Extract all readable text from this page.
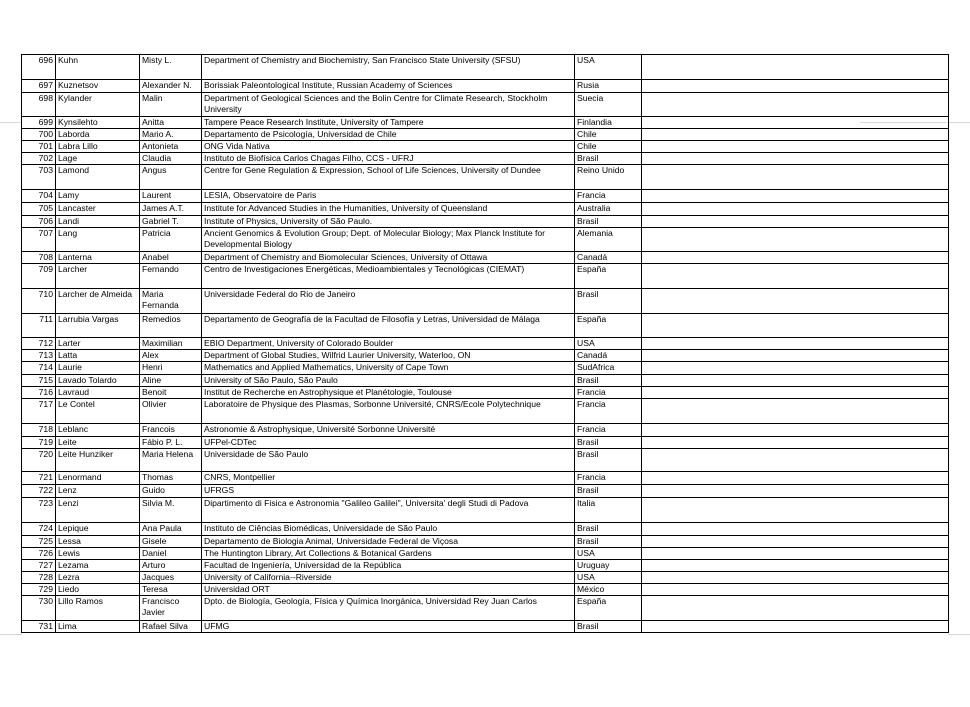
696	Kuhn	Misty L.	Department of Chemistry and Biochemistry, San Francisco State University (SFSU)	USA	
697	Kuznetsov	Alexander N.	Borissiak Paleontological Institute, Russian Academy of Sciences	Rusia	
698	Kylander	Malin	Department of Geological Sciences and the Bolin Centre for Climate Research, Stockholm University	Suecia	
699	Kynsilehto	Anitta	Tampere Peace Research Institute, University of Tampere	Finlandia	
700	Laborda	Mario A.	Departamento de Psicología, Universidad de Chile	Chile	
701	Labra Lillo	Antonieta	ONG Vida Nativa	Chile	
702	Lage	Claudia	Instituto de Biofísica Carlos Chagas Filho, CCS - UFRJ	Brasil	
703	Lamond	Angus	Centre for Gene Regulation & Expression, School of Life Sciences, University of Dundee	Reino Unido	
704	Lamy	Laurent	LESIA, Observatoire de Paris	Francia	
705	Lancaster	James A.T.	Institute for Advanced Studies in the Humanities, University of Queensland	Australia	
706	Landi	Gabriel T.	Institute of Physics, University of São Paulo.	Brasil	
707	Lang	Patricia	Ancient Genomics & Evolution Group; Dept. of Molecular Biology; Max Planck Institute for Developmental Biology	Alemania	
708	Lanterna	Anabel	Department of Chemistry and Biomolecular Sciences, University of Ottawa	Canadá	
709	Larcher	Fernando	Centro de Investigaciones Energéticas, Medioambientales y Tecnológicas (CIEMAT)	España	
710	Larcher de Almeida	Maria Fernanda	Universidade Federal do Rio de Janeiro	Brasil	
711	Larrubia Vargas	Remedios	Departamento de Geografía de la Facultad de Filosofía y Letras, Universidad de Málaga	España	
712	Larter	Maximilian	EBIO Department, University of Colorado Boulder	USA	
713	Latta	Alex	Department of Global Studies, Wilfrid Laurier University, Waterloo, ON	Canadá	
714	Laurie	Henri	Mathematics and Applied Mathematics, University of Cape Town	SudAfrica	
715	Lavado Tolardo	Aline	University of São Paulo, São Paulo	Brasil	
716	Lavraud	Benoit	Institut de Recherche en Astrophysique et Planétologie, Toulouse	Francia	
717	Le Contel	Olivier	Laboratoire de Physique des Plasmas, Sorbonne Université, CNRS/Ecole Polytechnique	Francia	
718	Leblanc	Francois	Astronomie & Astrophysique, Université Sorbonne Université	Francia	
719	Leite	Fábio P. L.	UFPel-CDTec	Brasil	
720	Leite Hunziker	Maria Helena	Universidade de São Paulo	Brasil	
721	Lenormand	Thomas	CNRS, Montpellier	Francia	
722	Lenz	Guido	UFRGS	Brasil	
723	Lenzi	Silvia M.	Dipartimento di Fisica e Astronomia "Galileo Galilei", Universita' degli Studi di Padova	Italia	
724	Lepique	Ana Paula	Instituto de Ciências Biomédicas, Universidade de São Paulo	Brasil	
725	Lessa	Gisele	Departamento de Biologia Animal, Universidade Federal de Viçosa	Brasil	
726	Lewis	Daniel	The Huntington Library, Art Collections & Botanical Gardens	USA	
727	Lezama	Arturo	Facultad de Ingeniería, Universidad de la República	Uruguay	
728	Lezra	Jacques	University of California--Riverside	USA	
729	Liedo	Teresa	Universidad ORT	México	
730	Lillo Ramos	Francisco Javier	Dpto. de Biología, Geología, Física y Química Inorgánica, Universidad Rey Juan Carlos	España	
731	Lima	Rafael Silva	UFMG	Brasil	
